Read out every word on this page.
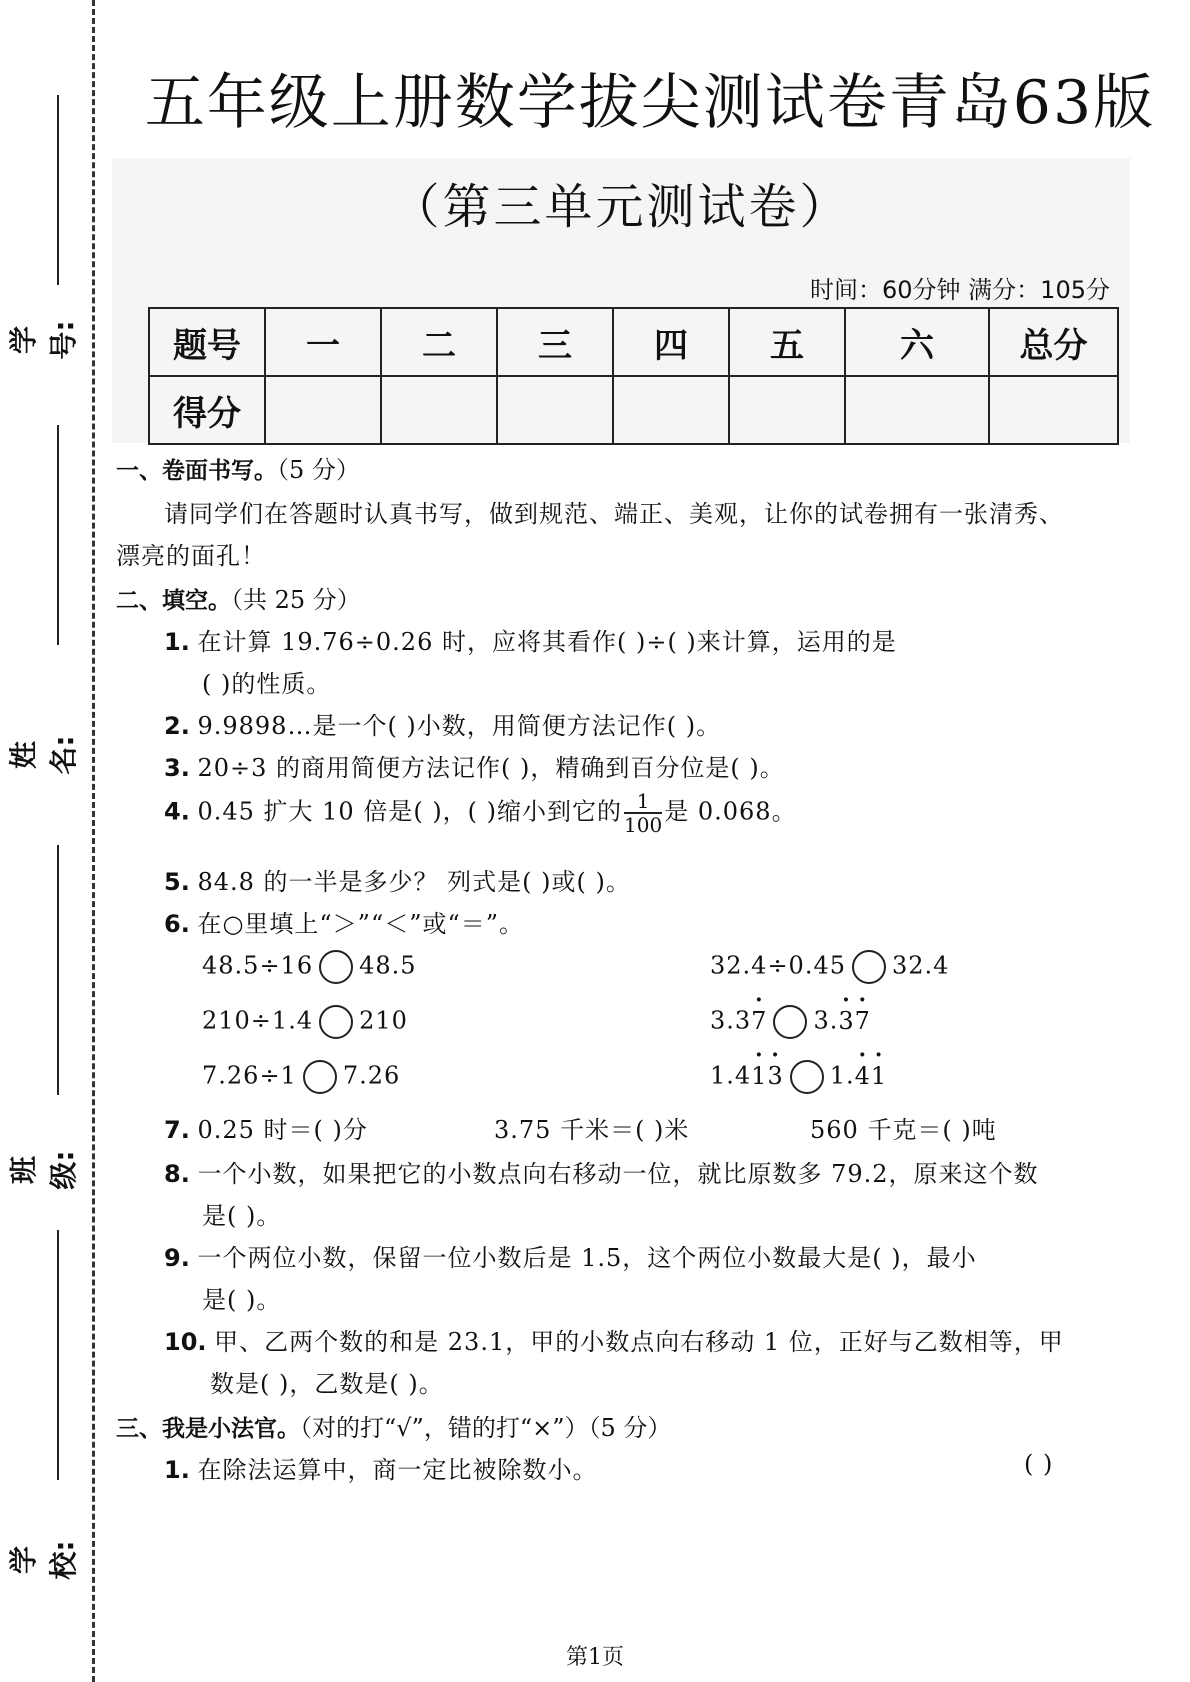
学号:
姓名:
班级:
学校:
五年级上册数学拔尖测试卷青岛63版
（第三单元测试卷）
时间：60分钟 满分：105分
题号	一	二	三	四	五	六	总分
得分							
一、卷面书写。（5 分）
请同学们在答题时认真书写，做到规范、端正、美观，让你的试卷拥有一张清秀、
漂亮的面孔！
二、填空。（共 25 分）
1. 在计算 19.76÷0.26 时，应将其看作( )÷( )来计算，运用的是
( )的性质。
2. 9.9898…是一个( )小数，用简便方法记作( )。
3. 20÷3 的商用简便方法记作( )，精确到百分位是( )。
4. 0.45 扩大 10 倍是( )，( )缩小到它的 $\frac{1}{100}$ 是 0.068。
5. 84.8 的一半是多少？ 列式是( )或( )。
6. 在○里填上“＞”“＜”或“＝”。
48.5÷16 48.5	32.4÷0.45 32.4
210÷1.4 210	3.3· 7 3.· 3· 7
7.26÷1 7.26	1.4· 1· 3 1.· 4· 1
7. 0.25 时＝( )分	3.75 千米＝( )米	560 千克＝( )吨
8. 一个小数，如果把它的小数点向右移动一位，就比原数多 79.2，原来这个数
是( )。
9. 一个两位小数，保留一位小数后是 1.5，这个两位小数最大是( )，最小
是( )。
10. 甲、乙两个数的和是 23.1，甲的小数点向右移动 1 位，正好与乙数相等，甲
数是( )，乙数是( )。
三、我是小法官。（对的打“√”，错的打“×”）（5 分）
1. 在除法运算中，商一定比被除数小。	( )
第1页
